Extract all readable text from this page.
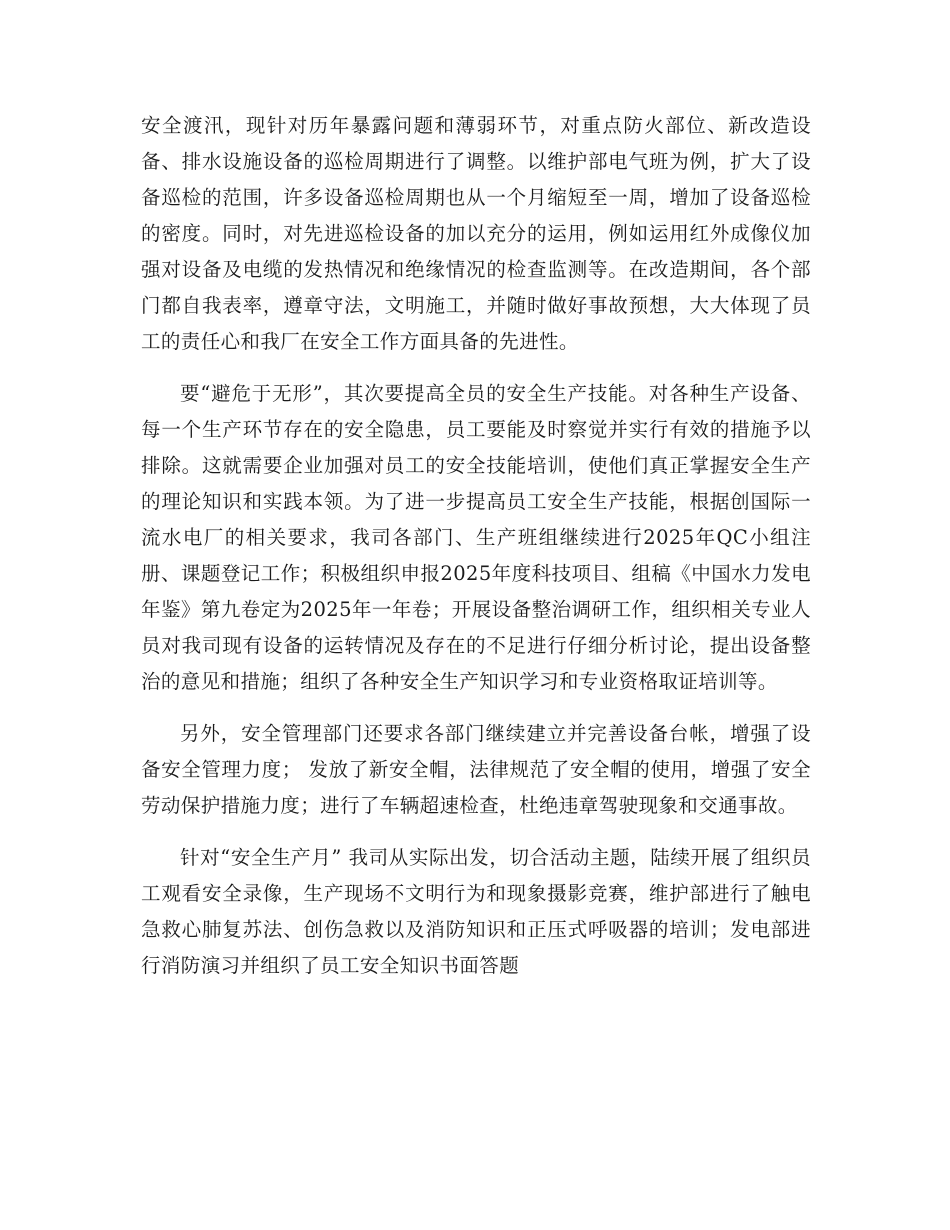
安全渡汛，现针对历年暴露问题和薄弱环节，对重点防火部位、新改造设备、排水设施设备的巡检周期进行了调整。以维护部电气班为例，扩大了设备巡检的范围，许多设备巡检周期也从一个月缩短至一周，增加了设备巡检的密度。同时，对先进巡检设备的加以充分的运用，例如运用红外成像仪加强对设备及电缆的发热情况和绝缘情况的检查监测等。在改造期间，各个部门都自我表率，遵章守法，文明施工，并随时做好事故预想，大大体现了员工的责任心和我厂在安全工作方面具备的先进性。

要“避危于无形”，其次要提高全员的安全生产技能。对各种生产设备、每一个生产环节存在的安全隐患，员工要能及时察觉并实行有效的措施予以排除。这就需要企业加强对员工的安全技能培训，使他们真正掌握安全生产的理论知识和实践本领。为了进一步提高员工安全生产技能，根据创国际一流水电厂的相关要求，我司各部门、生产班组继续进行2025年QC小组注册、课题登记工作；积极组织申报2025年度科技项目、组稿《中国水力发电年鉴》第九卷定为2025年一年卷；开展设备整治调研工作，组织相关专业人员对我司现有设备的运转情况及存在的不足进行仔细分析讨论，提出设备整治的意见和措施；组织了各种安全生产知识学习和专业资格取证培训等。

另外，安全管理部门还要求各部门继续建立并完善设备台帐，增强了设备安全管理力度； 发放了新安全帽，法律规范了安全帽的使用，增强了安全劳动保护措施力度；进行了车辆超速检查，杜绝违章驾驶现象和交通事故。

针对“安全生产月” 我司从实际出发，切合活动主题，陆续开展了组织员工观看安全录像，生产现场不文明行为和现象摄影竞赛，维护部进行了触电急救心肺复苏法、创伤急救以及消防知识和正压式呼吸器的培训；发电部进行消防演习并组织了员工安全知识书面答题
